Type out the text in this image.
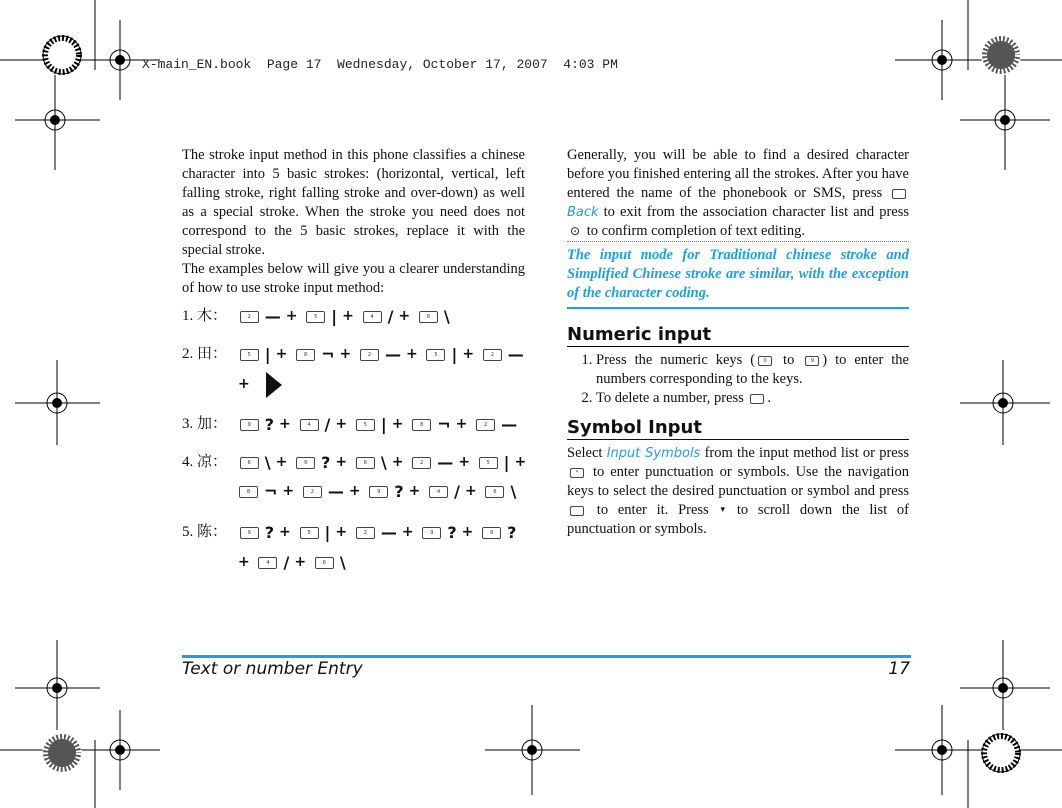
X-main_EN.book  Page 17  Wednesday, October 17, 2007  4:03 PM

The stroke input method in this phone classifies a chinese character into 5 basic strokes: (horizontal, vertical, left falling stroke, right falling stroke and over-down) as well as a special stroke. When the stroke you need does not correspond to the 5 basic strokes, replace it with the special stroke.

The examples below will give you a clearer understanding of how to use stroke input method:

1. 木：	2 — +	5 | +	4 / +	6 \
2. 田：	5 | +	8 ¬ +	2 — +	5 | +	2 —
+
3. 加：	9 ? +	4 / +	5 | +	8 ¬ +	2 —
4. 凉：	6 \ +	9 ? +	6 \ +	2 — +	5 | +
8 ¬ +	2 — +	9 ? +	4 / +	6 \
5. 陈：	9 ? +	5 | +	2 — +	9 ? +	9 ?
+	4 / +	6 \

Generally, you will be able to find a desired character before you finished entering all the strokes. After you have entered the name of the phonebook or SMS, press Back to exit from the association character list and press ⊙ to confirm completion of text editing.

The input mode for Traditional chinese stroke and Simplified Chinese stroke are similar, with the exception of the character coding.

Numeric input
1. Press the numeric keys ( 0 to 9 ) to enter the numbers corresponding to the keys.
2. To delete a number, press .
Symbol Input

Select Input Symbols from the input method list or press * to enter punctuation or symbols. Use the navigation keys to select the desired punctuation or symbol and press  to enter it. Press ▾ to scroll down the list of punctuation or symbols.

Text or number Entry	17
